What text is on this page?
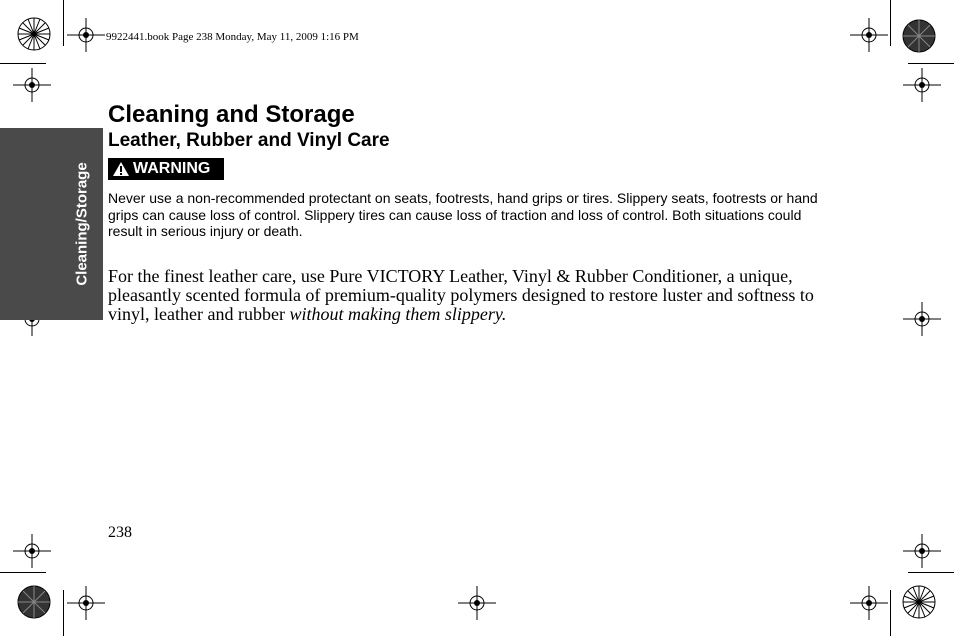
9922441.book Page 238 Monday, May 11, 2009 1:16 PM
Cleaning/Storage
Cleaning and Storage
Leather, Rubber and Vinyl Care
WARNING
Never use a non-recommended protectant on seats, footrests, hand grips or tires. Slippery seats, footrests or hand grips can cause loss of control. Slippery tires can cause loss of traction and loss of control. Both situations could result in serious injury or death.
For the finest leather care, use Pure VICTORY Leather, Vinyl & Rubber Conditioner, a unique, pleasantly scented formula of premium-quality polymers designed to restore luster and softness to vinyl, leather and rubber without making them slippery.
238
